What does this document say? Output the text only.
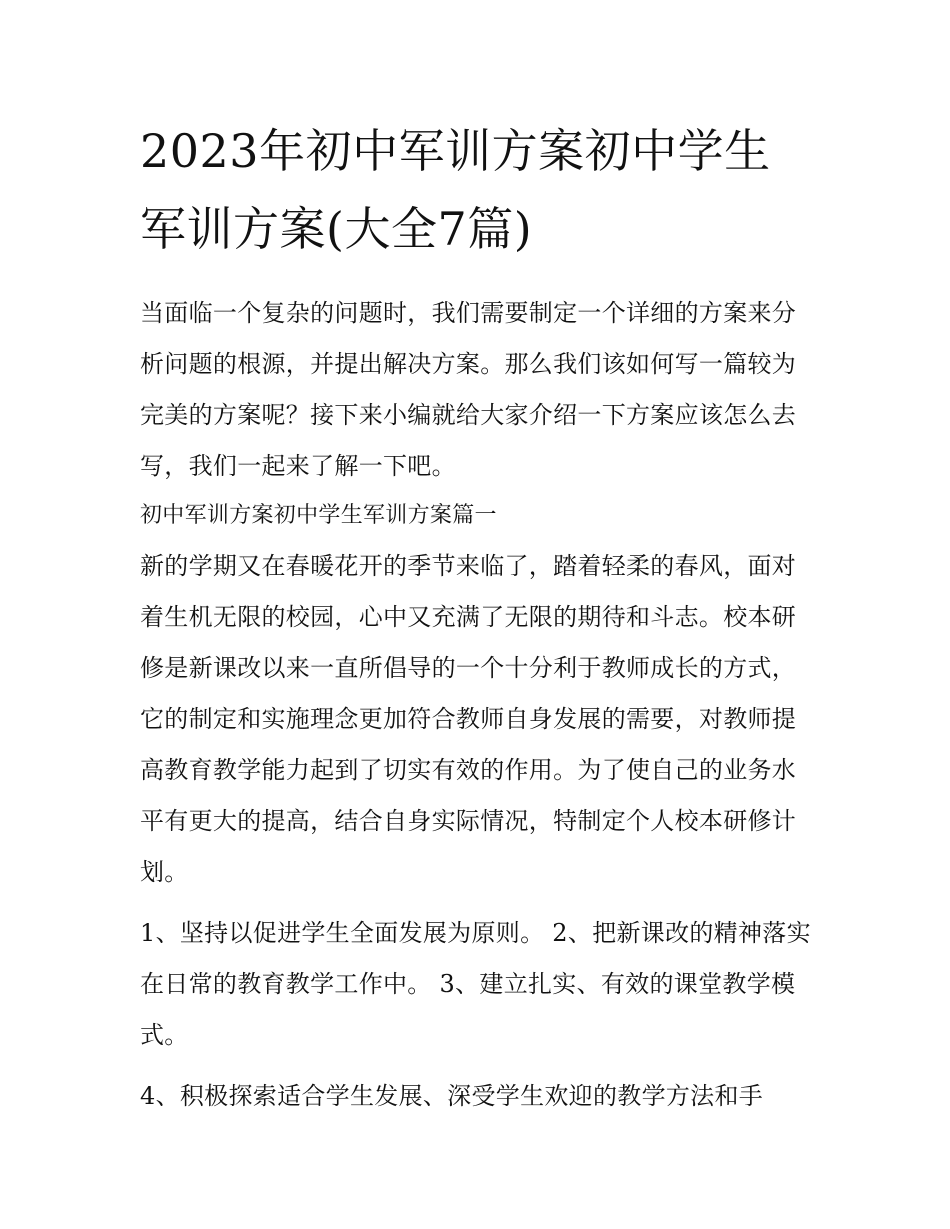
2023年初中军训方案初中学生军训方案(大全7篇)

当面临一个复杂的问题时，我们需要制定一个详细的方案来分析问题的根源，并提出解决方案。那么我们该如何写一篇较为完美的方案呢？接下来小编就给大家介绍一下方案应该怎么去写，我们一起来了解一下吧。

初中军训方案初中学生军训方案篇一

新的学期又在春暖花开的季节来临了，踏着轻柔的春风，面对着生机无限的校园，心中又充满了无限的期待和斗志。校本研修是新课改以来一直所倡导的一个十分利于教师成长的方式，它的制定和实施理念更加符合教师自身发展的需要，对教师提高教育教学能力起到了切实有效的作用。为了使自己的业务水平有更大的提高，结合自身实际情况，特制定个人校本研修计划。

1、坚持以促进学生全面发展为原则。 2、把新课改的精神落实在日常的教育教学工作中。 3、建立扎实、有效的课堂教学模式。

4、积极探索适合学生发展、深受学生欢迎的教学方法和手
